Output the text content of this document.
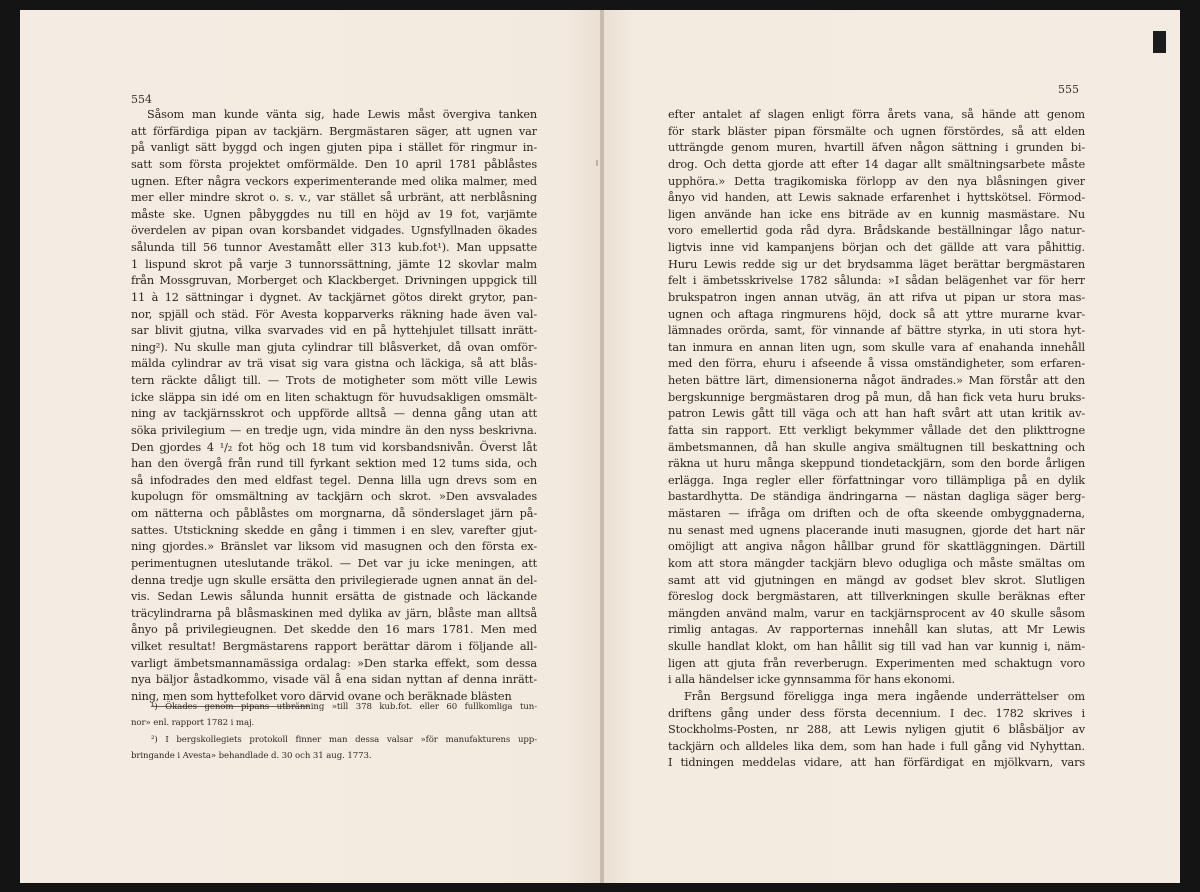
554
Såsom man kunde vänta sig, hade Lewis måst övergiva tanken
att förfärdiga pipan av tackjärn. Bergmästaren säger, att ugnen var
på vanligt sätt byggd och ingen gjuten pipa i stället för ringmur in-
satt som första projektet omförmälde. Den 10 april 1781 påblåstes
ugnen. Efter några veckors experimenterande med olika malmer, med
mer eller mindre skrot o. s. v., var stället så urbränt, att nerblåsning
måste ske. Ugnen påbyggdes nu till en höjd av 19 fot, varjämte
överdelen av pipan ovan korsbandet vidgades. Ugnsfyllnaden ökades
sålunda till 56 tunnor Avestamått eller 313 kub.fot¹). Man uppsatte
1 lispund skrot på varje 3 tunnorssättning, jämte 12 skovlar malm
från Mossgruvan, Morberget och Klackberget. Drivningen uppgick till
11 à 12 sättningar i dygnet. Av tackjärnet götos direkt grytor, pan-
nor, spjäll och städ. För Avesta kopparverks räkning hade även val-
sar blivit gjutna, vilka svarvades vid en på hyttehjulet tillsatt inrätt-
ning²). Nu skulle man gjuta cylindrar till blåsverket, då ovan omför-
mälda cylindrar av trä visat sig vara gistna och läckiga, så att blås-
tern räckte dåligt till. — Trots de motigheter som mött ville Lewis
icke släppa sin idé om en liten schaktugn för huvudsakligen omsmält-
ning av tackjärnsskrot och uppförde alltså — denna gång utan att
söka privilegium — en tredje ugn, vida mindre än den nyss beskrivna.
Den gjordes 4 ¹/₂ fot hög och 18 tum vid korsbandsnivån. Överst låt
han den övergå från rund till fyrkant sektion med 12 tums sida, och
så infodrades den med eldfast tegel. Denna lilla ugn drevs som en
kupolugn för omsmältning av tackjärn och skrot. »Den avsvalades
om nätterna och påblåstes om morgnarna, då sönderslaget järn på-
sattes. Utstickning skedde en gång i timmen i en slev, varefter gjut-
ning gjordes.» Bränslet var liksom vid masugnen och den första ex-
perimentugnen uteslutande träkol. — Det var ju icke meningen, att
denna tredje ugn skulle ersätta den privilegierade ugnen annat än del-
vis. Sedan Lewis sålunda hunnit ersätta de gistnade och läckande
träcylindrarna på blåsmaskinen med dylika av järn, blåste man alltså
ånyo på privilegieugnen. Det skedde den 16 mars 1781. Men med
vilket resultat! Bergmästarens rapport berättar därom i följande all-
varligt ämbetsmannamässiga ordalag: »Den starka effekt, som dessa
nya bäljor åstadkommo, visade väl å ena sidan nyttan af denna inrätt-
ning, men som hyttefolket voro därvid ovane och beräknade blästen
¹) Ökades genom pipans utbränning »till 378 kub.fot. eller 60 fullkomliga tun-
nor» enl. rapport 1782 i maj.
²) I bergskollegiets protokoll finner man dessa valsar »för manufakturens upp-
bringande i Avesta» behandlade d. 30 och 31 aug. 1773.
555
efter antalet af slagen enligt förra årets vana, så hände att genom
för stark bläster pipan försmälte och ugnen förstördes, så att elden
utträngde genom muren, hvartill äfven någon sättning i grunden bi-
drog. Och detta gjorde att efter 14 dagar allt smältningsarbete måste
upphöra.» Detta tragikomiska förlopp av den nya blåsningen giver
ånyo vid handen, att Lewis saknade erfarenhet i hyttskötsel. Förmod-
ligen använde han icke ens biträde av en kunnig masmästare. Nu
voro emellertid goda råd dyra. Brådskande beställningar lågo natur-
ligtvis inne vid kampanjens början och det gällde att vara påhittig.
Huru Lewis redde sig ur det brydsamma läget berättar bergmästaren
felt i ämbetsskrivelse 1782 sålunda: »I sådan belägenhet var för herr
brukspatron ingen annan utväg, än att rifva ut pipan ur stora mas-
ugnen och aftaga ringmurens höjd, dock så att yttre murarne kvar-
lämnades orörda, samt, för vinnande af bättre styrka, in uti stora hyt-
tan inmura en annan liten ugn, som skulle vara af enahanda innehåll
med den förra, ehuru i afseende å vissa omständigheter, som erfaren-
heten bättre lärt, dimensionerna något ändrades.» Man förstår att den
bergskunnige bergmästaren drog på mun, då han fick veta huru bruks-
patron Lewis gått till väga och att han haft svårt att utan kritik av-
fatta sin rapport. Ett verkligt bekymmer vållade det den plikttrogne
ämbetsmannen, då han skulle angiva smältugnen till beskattning och
räkna ut huru många skeppund tiondetackjärn, som den borde årligen
erlägga. Inga regler eller författningar voro tillämpliga på en dylik
bastardhytta. De ständiga ändringarna — nästan dagliga säger berg-
mästaren — ifråga om driften och de ofta skeende ombyggnaderna,
nu senast med ugnens placerande inuti masugnen, gjorde det hart när
omöjligt att angiva någon hållbar grund för skattläggningen. Därtill
kom att stora mängder tackjärn blevo odugliga och måste smältas om
samt att vid gjutningen en mängd av godset blev skrot. Slutligen
föreslog dock bergmästaren, att tillverkningen skulle beräknas efter
mängden använd malm, varur en tackjärnsprocent av 40 skulle såsom
rimlig antagas. Av rapporternas innehåll kan slutas, att Mr Lewis
skulle handlat klokt, om han hållit sig till vad han var kunnig i, näm-
ligen att gjuta från reverberugn. Experimenten med schaktugn voro
i alla händelser icke gynnsamma för hans ekonomi.
Från Bergsund föreligga inga mera ingående underrättelser om
driftens gång under dess första decennium. I dec. 1782 skrives i
Stockholms-Posten, nr 288, att Lewis nyligen gjutit 6 blåsbäljor av
tackjärn och alldeles lika dem, som han hade i full gång vid Nyhyttan.
I tidningen meddelas vidare, att han förfärdigat en mjölkvarn, vars
